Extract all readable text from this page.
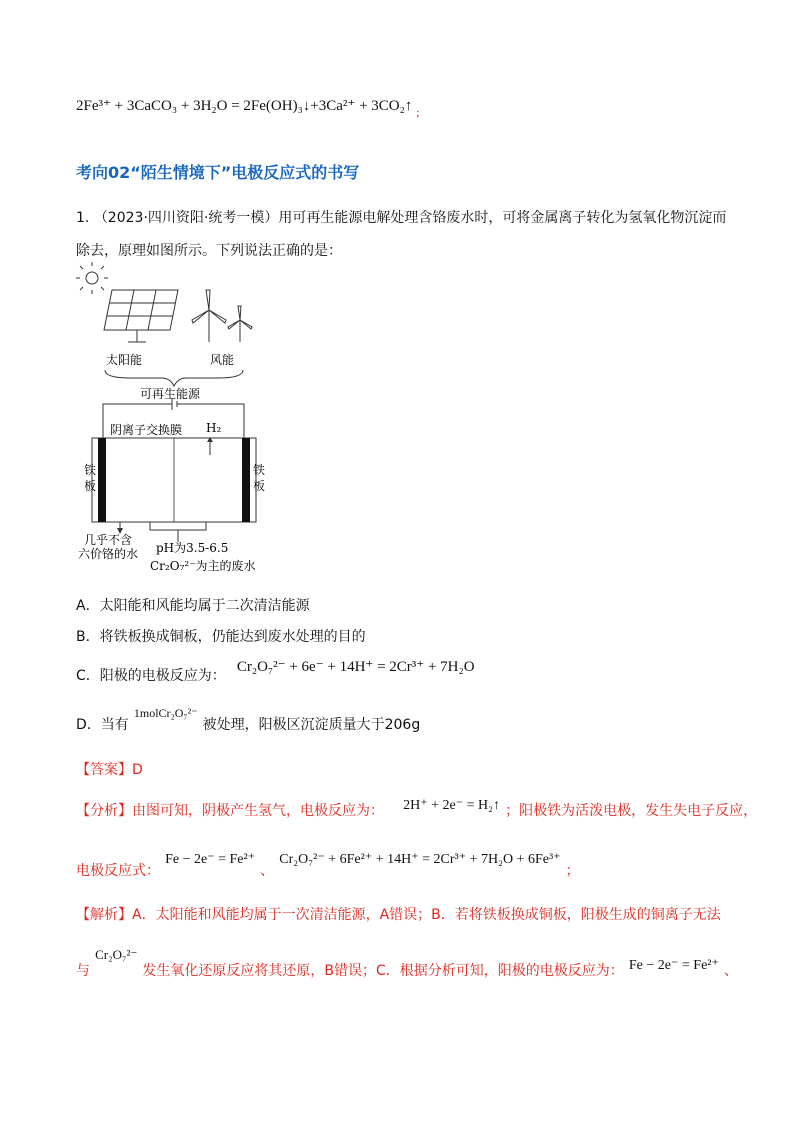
2Fe³⁺ + 3CaCO₃ + 3H₂O = 2Fe(OH)₃↓+3Ca²⁺ + 3CO₂↑ $_;$
考向02“陌生情境下”电极反应式的书写
1. （2023·四川资阳·统考一模）用可再生能源电解处理含铬废水时，可将金属离子转化为氢氧化物沉淀而
除去，原理如图所示。下列说法正确的是：
太阳能	风能
可再生能源
阴离子交换膜 H₂
铁
板
铁
板
几乎不含
六价铬的水 pH为3.5-6.5
Cr₂O₇²⁻为主的废水
A．太阳能和风能均属于二次清洁能源
B．将铁板换成铜板，仍能达到废水处理的目的
C．阳极的电极反应为： Cr₂O₇²⁻ + 6e⁻ + 14H⁺ = 2Cr³⁺ + 7H₂O
D．当有 1molCr₂O₇²⁻ 被处理，阳极区沉淀质量大于206g
【答案】D
【分析】由图可知，阴极产生氢气，电极反应为： 2H⁺ + 2e⁻ = H₂↑ ；阳极铁为活泼电极，发生失电子反应，
电极反应式： Fe − 2e⁻ = Fe²⁺ 、 Cr₂O₇²⁻ + 6Fe²⁺ + 14H⁺ = 2Cr³⁺ + 7H₂O + 6Fe³⁺ ；
【解析】A．太阳能和风能均属于一次清洁能源，A错误；B．若将铁板换成铜板，阳极生成的铜离子无法
与 Cr₂O₇²⁻ 发生氧化还原反应将其还原，B错误；C．根据分析可知，阳极的电极反应为： Fe − 2e⁻ = Fe²⁺ 、
